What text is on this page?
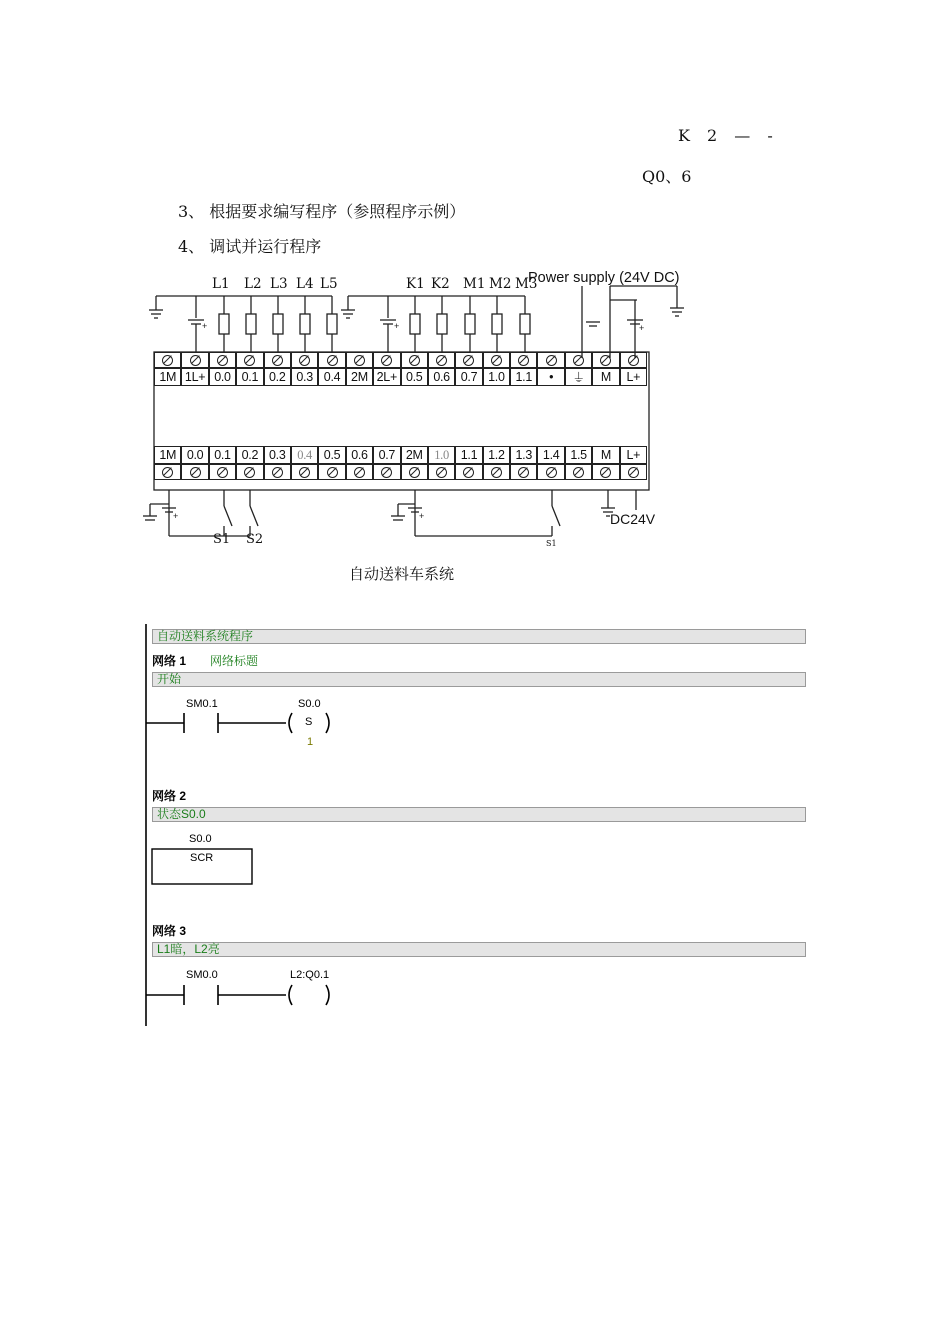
K 2 — -
Q0、6
3、 根据要求编写程序（参照程序示例）
4、 调试并运行程序
+	+	+
+	+
L1 L2 L3 L4 L5	K1 K2 M1 M2 M3
Power supply (24V DC)
1M 1L+ 0.0 0.1 0.2 0.3 0.4 2M 2L+ 0.5 0.6 0.7 1.0 1.1	•	⏚	M	L+
1M 0.0 0.1 0.2 0.3 0.4 0.5 0.6 0.7 2M 1.0 1.1 1.2 1.3 1.4 1.5	M	L+
S1 S2	S1
DC24V
自动送料车系统
自动送料系统程序
网络 1 网络标题
开始
SM0.1	S0.0
S
1
网络 2
状态S0.0
S0.0
SCR
网络 3
L1暗，L2亮
SM0.0	L2:Q0.1
